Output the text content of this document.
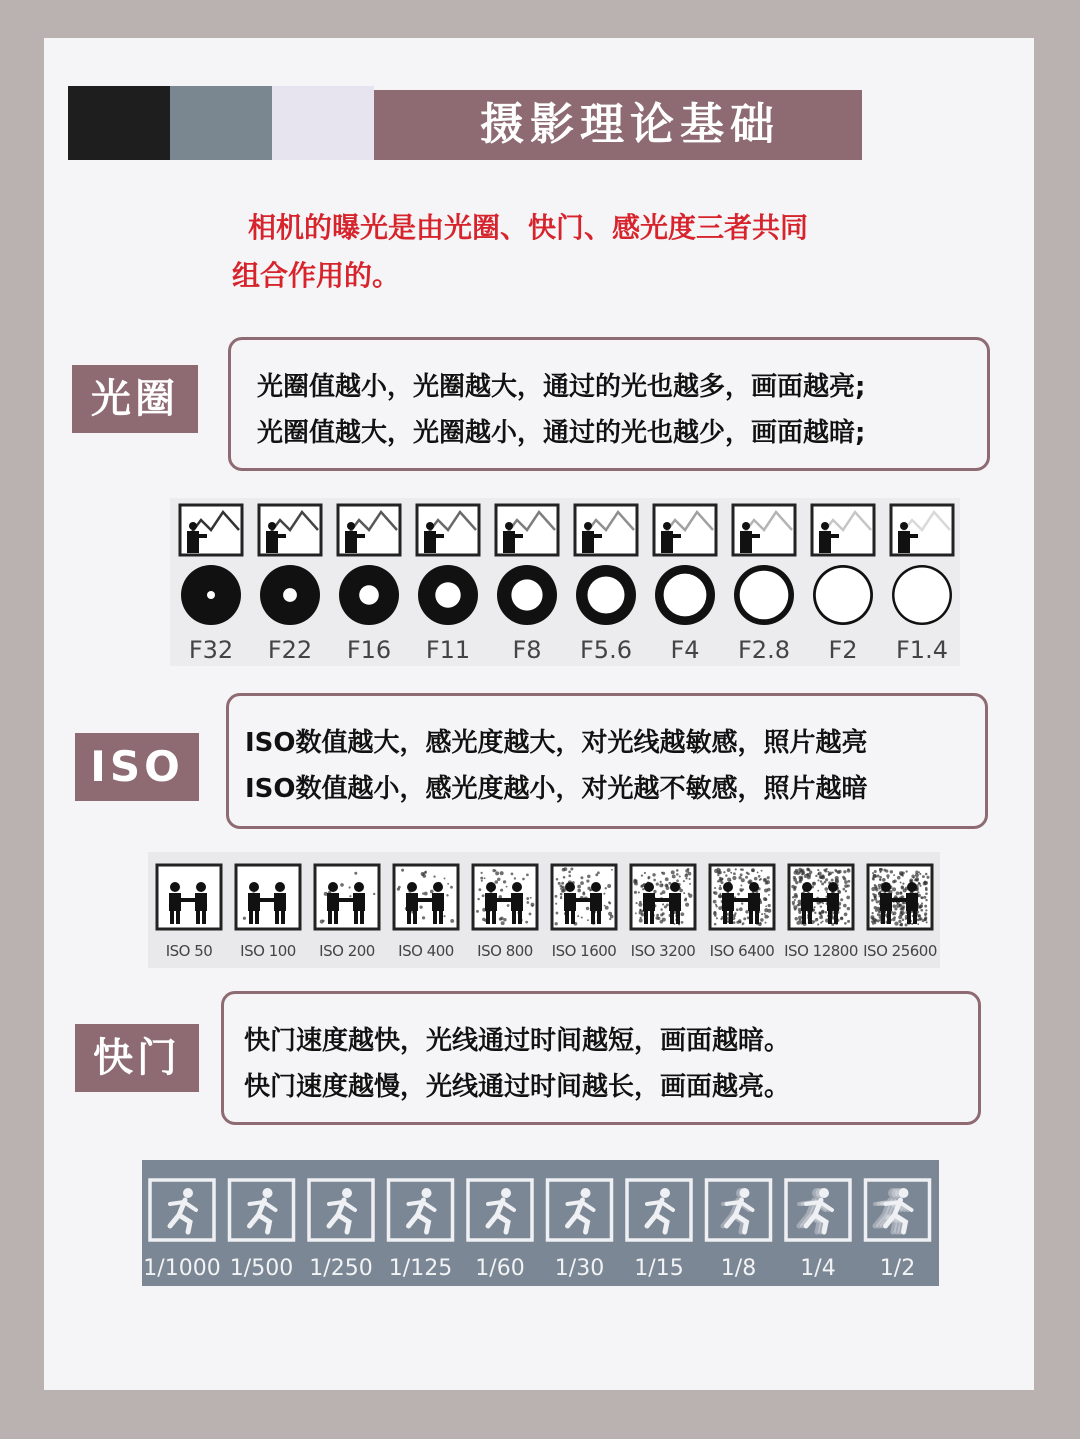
摄影理论基础
相机的曝光是由光圈、快门、感光度三者共同
组合作用的。
光圈	光圈值越小，光圈越大，通过的光也越多，画面越亮;
光圈值越大，光圈越小，通过的光也越少，画面越暗;
F32 F22 F16 F11 F8 F5.6 F4 F2.8 F2 F1.4
ISO	ISO数值越大，感光度越大，对光线越敏感，照片越亮
ISO数值越小，感光度越小，对光越不敏感，照片越暗
ISO 50 ISO 100 ISO 200 ISO 400 ISO 800 ISO 1600 ISO 3200 ISO 6400 ISO 12800 ISO 25600
快门	快门速度越快，光线通过时间越短，画面越暗。
快门速度越慢，光线通过时间越长，画面越亮。
1/1000 1/500 1/250 1/125 1/60 1/30 1/15 1/8 1/4 1/2
